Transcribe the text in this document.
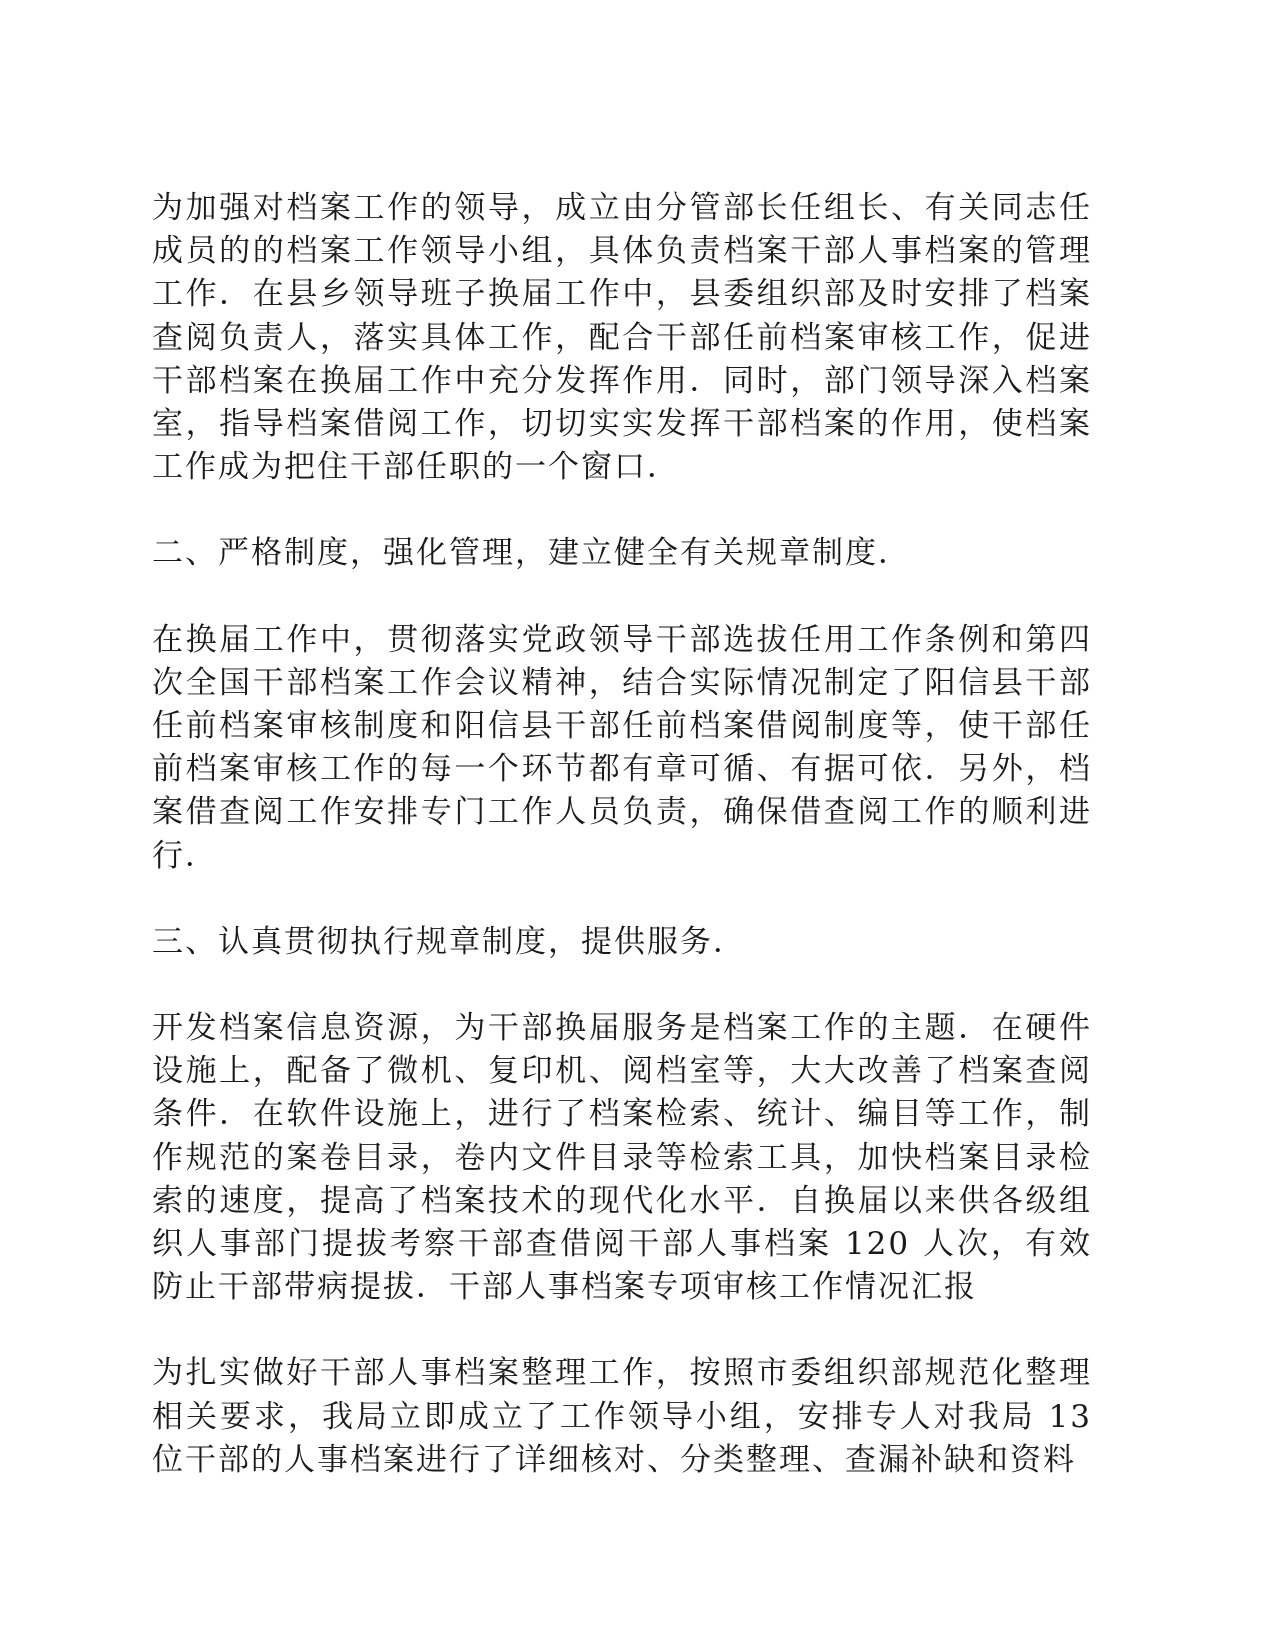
为加强对档案工作的领导，成立由分管部长任组长、有关同志任成员的的档案工作领导小组，具体负责档案干部人事档案的管理工作．在县乡领导班子换届工作中，县委组织部及时安排了档案查阅负责人，落实具体工作，配合干部任前档案审核工作，促进干部档案在换届工作中充分发挥作用．同时，部门领导深入档案室，指导档案借阅工作，切切实实发挥干部档案的作用，使档案工作成为把住干部任职的一个窗口．

二、严格制度，强化管理，建立健全有关规章制度．

在换届工作中，贯彻落实党政领导干部选拔任用工作条例和第四次全国干部档案工作会议精神，结合实际情况制定了阳信县干部任前档案审核制度和阳信县干部任前档案借阅制度等，使干部任前档案审核工作的每一个环节都有章可循、有据可依．另外，档案借查阅工作安排专门工作人员负责，确保借查阅工作的顺利进行．

三、认真贯彻执行规章制度，提供服务．

开发档案信息资源，为干部换届服务是档案工作的主题．在硬件设施上，配备了微机、复印机、阅档室等，大大改善了档案查阅条件．在软件设施上，进行了档案检索、统计、编目等工作，制作规范的案卷目录，卷内文件目录等检索工具，加快档案目录检索的速度，提高了档案技术的现代化水平．自换届以来供各级组织人事部门提拔考察干部查借阅干部人事档案 120 人次，有效防止干部带病提拔．干部人事档案专项审核工作情况汇报

为扎实做好干部人事档案整理工作，按照市委组织部规范化整理相关要求，我局立即成立了工作领导小组，安排专人对我局 13 位干部的人事档案进行了详细核对、分类整理、查漏补缺和资料
